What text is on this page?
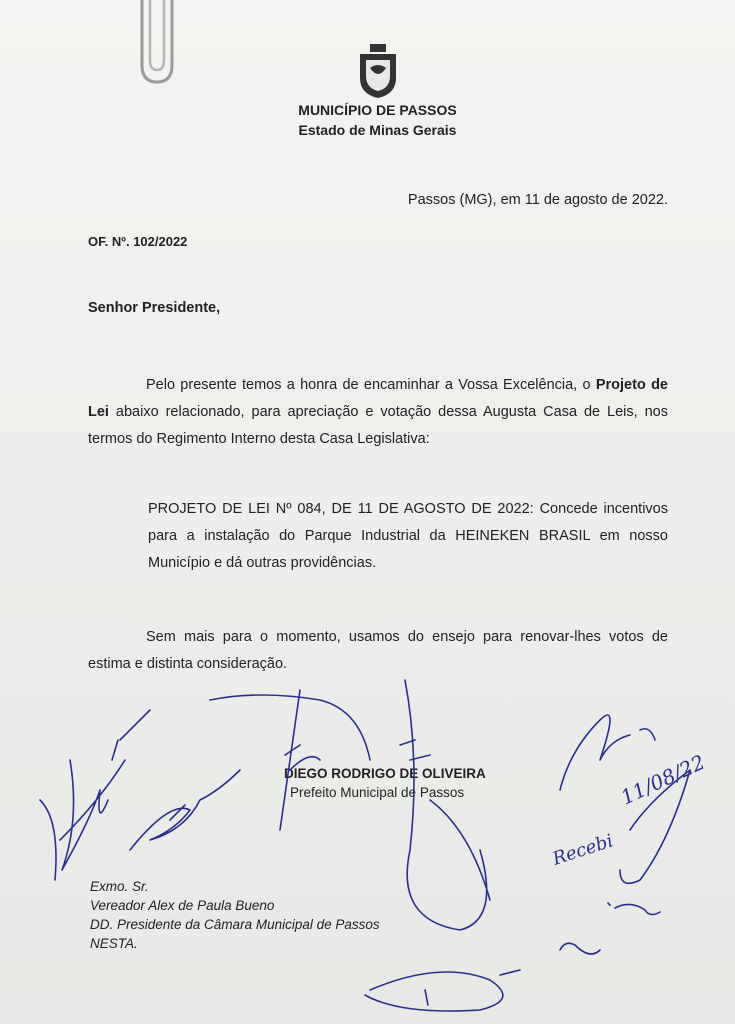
MUNICÍPIO DE PASSOS
Estado de Minas Gerais
Passos (MG), em 11 de agosto de 2022.
OF. Nº. 102/2022
Senhor Presidente,
Pelo presente temos a honra de encaminhar a Vossa Excelência, o Projeto de Lei abaixo relacionado, para apreciação e votação dessa Augusta Casa de Leis, nos termos do Regimento Interno desta Casa Legislativa:
PROJETO DE LEI Nº 084, DE 11 DE AGOSTO DE 2022: Concede incentivos para a instalação do Parque Industrial da HEINEKEN BRASIL em nosso Município e dá outras providências.
Sem mais para o momento, usamos do ensejo para renovar-lhes votos de estima e distinta consideração.
DIEGO RODRIGO DE OLIVEIRA
Prefeito Municipal de Passos
Exmo. Sr.
Vereador Alex de Paula Bueno
DD. Presidente da Câmara Municipal de Passos
NESTA.
Recebi
11/08/22
